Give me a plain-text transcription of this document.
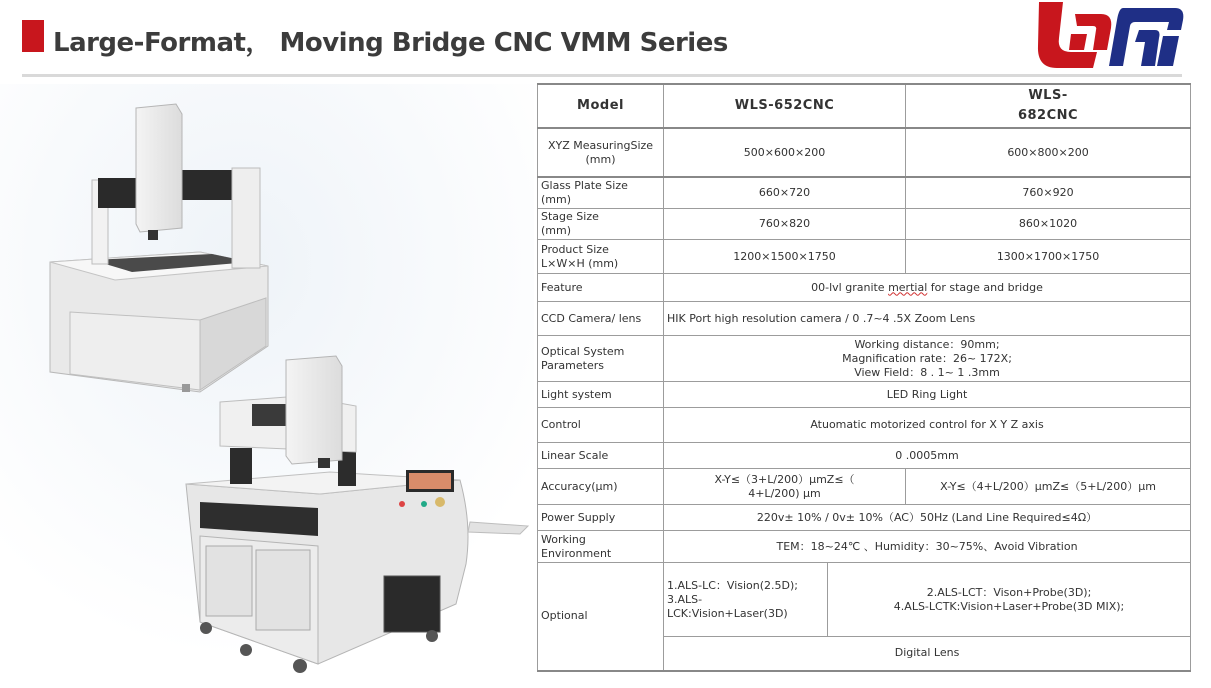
Large-Format， Moving Bridge CNC VMM Series
Model	WLS-652CNC		WLS-
682CNC
XYZ MeasuringSize
(mm)	500×600×200		600×800×200
Glass Plate Size
(mm)	660×720		760×920
Stage Size
(mm)	760×820		860×1020
Product Size
L×W×H (mm)	1200×1500×1750		1300×1700×1750
Feature	00-lvl granite mertial for stage and bridge		
CCD Camera/ lens	HIK Port high resolution camera / 0 .7~4 .5X Zoom Lens		
Optical System
Parameters	Working distance：90mm;
Magnification rate：26~ 172X;
View Field：8 . 1~ 1 .3mm		
Light system	LED Ring Light		
Control	Atuomatic motorized control for X Y Z axis		
Linear Scale	0 .0005mm		
Accuracy(μm)	X-Y≤（3+L/200）μmZ≤（
4+L/200) μm		X-Y≤（4+L/200）μmZ≤（5+L/200）μm
Power Supply	220v± 10% / 0v± 10%（AC）50Hz (Land Line Required≤4Ω）		
Working
Environment	TEM：18~24℃ 、Humidity：30~75%、Avoid Vibration		
Optional	1.ALS-LC：Vision(2.5D);
3.ALS-
LCK:Vision+Laser(3D)	2.ALS-LCT：Vison+Probe(3D);
4.ALS-LCTK:Vision+Laser+Probe(3D MIX);	
	Digital Lens		
